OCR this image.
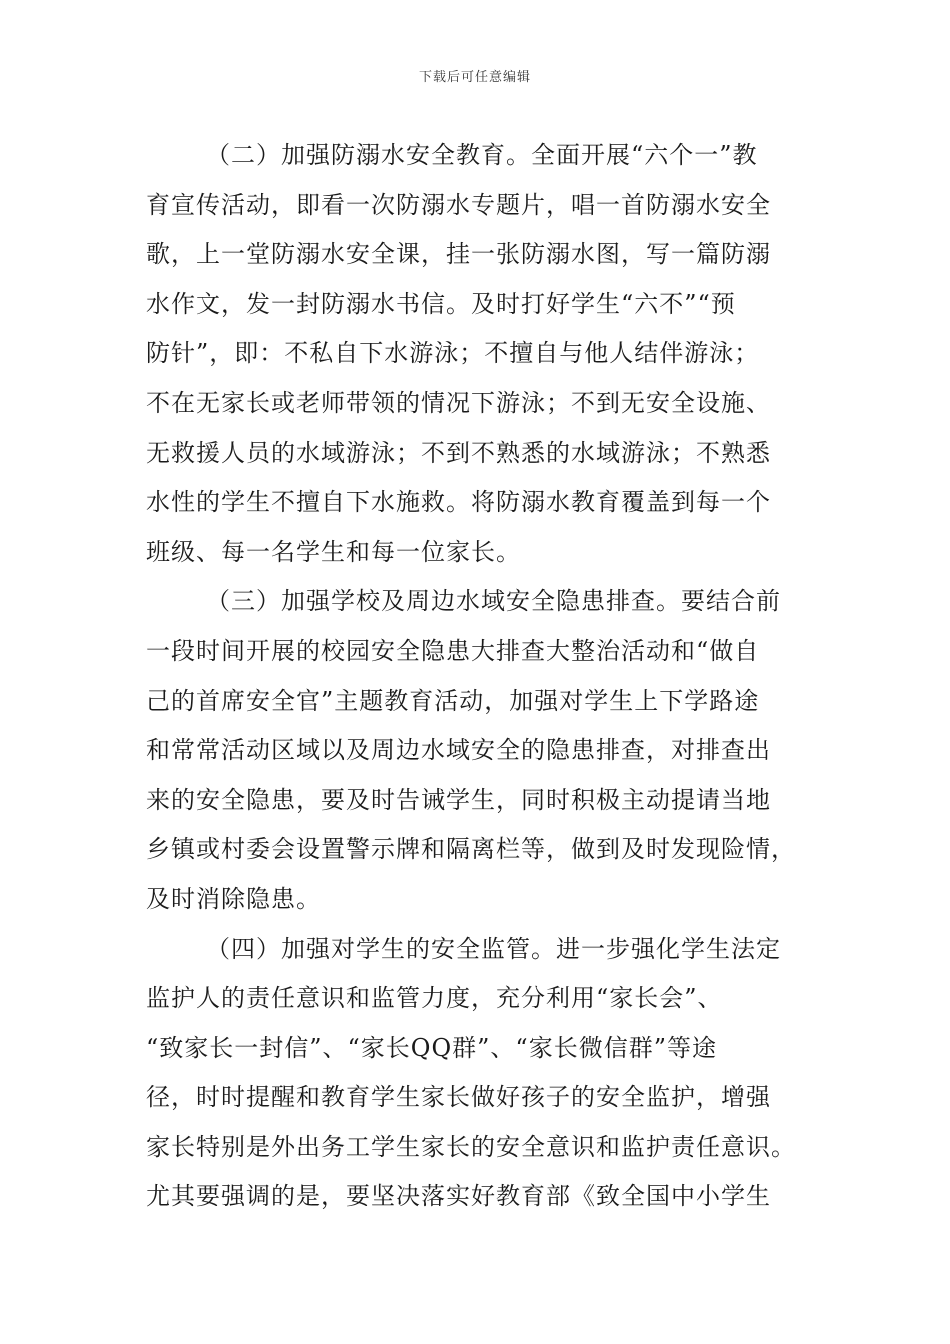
下载后可任意编辑
（二）加强防溺水安全教育。全面开展“六个一”教
育宣传活动，即看一次防溺水专题片，唱一首防溺水安全
歌，上一堂防溺水安全课，挂一张防溺水图，写一篇防溺
水作文，发一封防溺水书信。及时打好学生“六不”“预
防针”，即：不私自下水游泳；不擅自与他人结伴游泳；
不在无家长或老师带领的情况下游泳；不到无安全设施、
无救援人员的水域游泳；不到不熟悉的水域游泳；不熟悉
水性的学生不擅自下水施救。将防溺水教育覆盖到每一个
班级、每一名学生和每一位家长。
（三）加强学校及周边水域安全隐患排查。要结合前
一段时间开展的校园安全隐患大排查大整治活动和“做自
己的首席安全官”主题教育活动，加强对学生上下学路途
和常常活动区域以及周边水域安全的隐患排查，对排查出
来的安全隐患，要及时告诫学生，同时积极主动提请当地
乡镇或村委会设置警示牌和隔离栏等，做到及时发现险情，
及时消除隐患。
（四）加强对学生的安全监管。进一步强化学生法定
监护人的责任意识和监管力度，充分利用“家长会”、
“致家长一封信”、“家长QQ群”、“家长微信群”等途
径，时时提醒和教育学生家长做好孩子的安全监护，增强
家长特别是外出务工学生家长的安全意识和监护责任意识。
尤其要强调的是，要坚决落实好教育部《致全国中小学生
